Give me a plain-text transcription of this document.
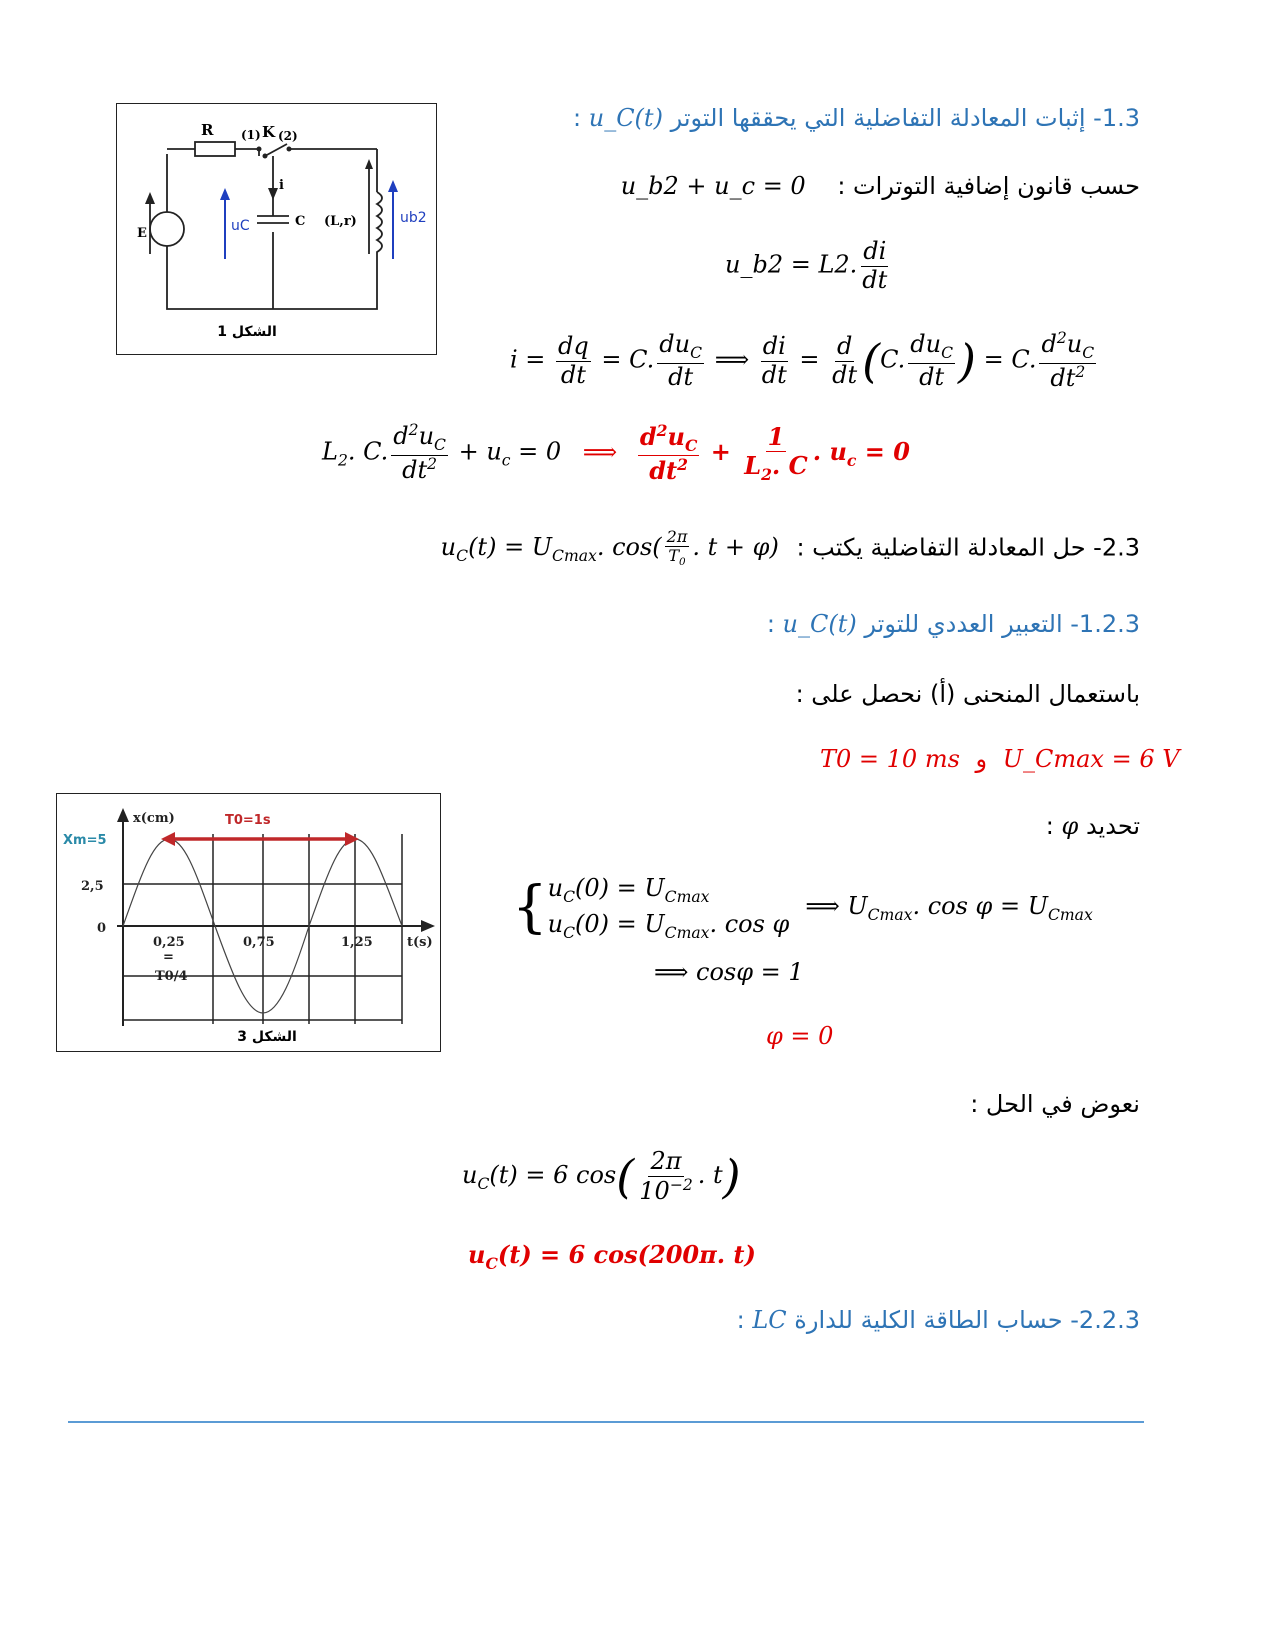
R (1) K (2)
i
E
C (L,r)
uC	ub2
الشكل 1
x(cm)
t(s)
2,5
0
0,25	0,75	1,25
=
T0/4
T0=1s
Xm=5
الشكل 3
1.3- إثبات المعادلة التفاضلية التي يحققها التوتر u_C(t) :
حسب قانون إضافية التوترات : u_b2 + u_c = 0
u_b2 = L2. $\frac{di}{dt}$
$i = \frac{dq}{dt} = C$. $\frac{du_C}{dt}$ ⟹ $\frac{di}{dt} = \frac{d}{dt} (C$. $\frac{du_C}{dt}$ ) = C. $\frac{d^2u_C}{dt^2}$
$L_2$. C. $\frac{d^2u_C}{dt^2} + u_c = 0$ ⟹ $\frac{d^2u_C}{dt^2} + \frac{1}{L_2. C}$ . $u_c = 0$
2.3- حل المعادلة التفاضلية يكتب : $u_C(t) = U_{Cmax}$. $\cos( \frac{2\pi}{T_0}$ . t + φ)
1.2.3- التعبير العددي للتوتر u_C(t) :
باستعمال المنحنى (أ) نحصل على :
T0 = 10 ms و U_Cmax = 6 V
تحديد φ :
{ $u_C(0) = U_{Cmax}$
$u_C(0) = U_{Cmax}$. cos φ
⟹ $U_{Cmax}$. $\cos \varphi = U_{Cmax}$
⟹ cosφ = 1
φ = 0
نعوض في الحل :
$u_C(t) = 6$ $\cos( \frac{2\pi}{10^{-2}}$ . t)
$u_C(t) = 6$ cos(200π. t)
2.2.3- حساب الطاقة الكلية للدارة LC :
